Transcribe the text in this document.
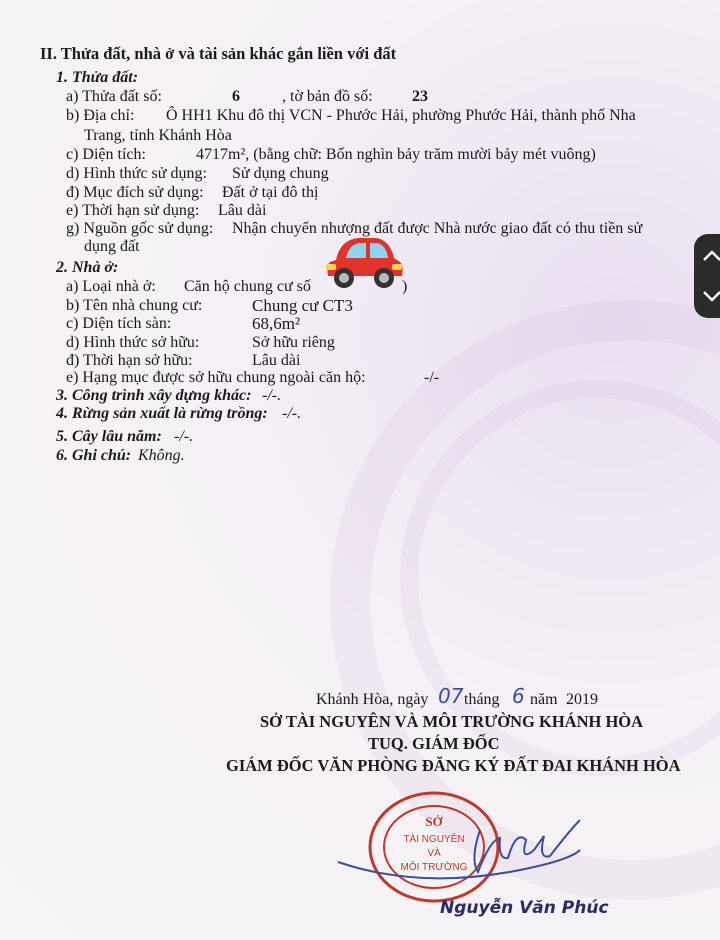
II. Thửa đất, nhà ở và tài sản khác gắn liền với đất
1. Thửa đất:
a) Thửa đất số:	6	, tờ bản đồ số: 23
b) Địa chỉ: Ô HH1 Khu đô thị VCN - Phước Hải, phường Phước Hải, thành phố Nha
Trang, tỉnh Khánh Hòa
c) Diện tích:	4717m², (bằng chữ: Bốn nghìn bảy trăm mười bảy mét vuông)
d) Hình thức sử dụng: Sử dụng chung
đ) Mục đích sử dụng: Đất ở tại đô thị
e) Thời hạn sử dụng: Lâu dài
g) Nguồn gốc sử dụng: Nhận chuyển nhượng đất được Nhà nước giao đất có thu tiền sử
dụng đất
2. Nhà ở:
a) Loại nhà ở: Căn hộ chung cư số	)
b) Tên nhà chung cư:	Chung cư CT3
c) Diện tích sàn:	68,6m²
d) Hình thức sở hữu:	Sở hữu riêng
đ) Thời hạn sở hữu:	Lâu dài
e) Hạng mục được sở hữu chung ngoài căn hộ:	-/-
3. Công trình xây dựng khác: -/-.
4. Rừng sản xuất là rừng trồng: -/-.
5. Cây lâu năm: -/-.
6. Ghi chú: Không.
Khánh Hòa, ngày 07 tháng 6 năm 2019
SỞ TÀI NGUYÊN VÀ MÔI TRƯỜNG KHÁNH HÒA
TUQ. GIÁM ĐỐC
GIÁM ĐỐC VĂN PHÒNG ĐĂNG KÝ ĐẤT ĐAI KHÁNH HÒA
SỞ
TÀI NGUYÊN
VÀ
MÔI TRƯỜNG
Nguyễn Văn Phúc
